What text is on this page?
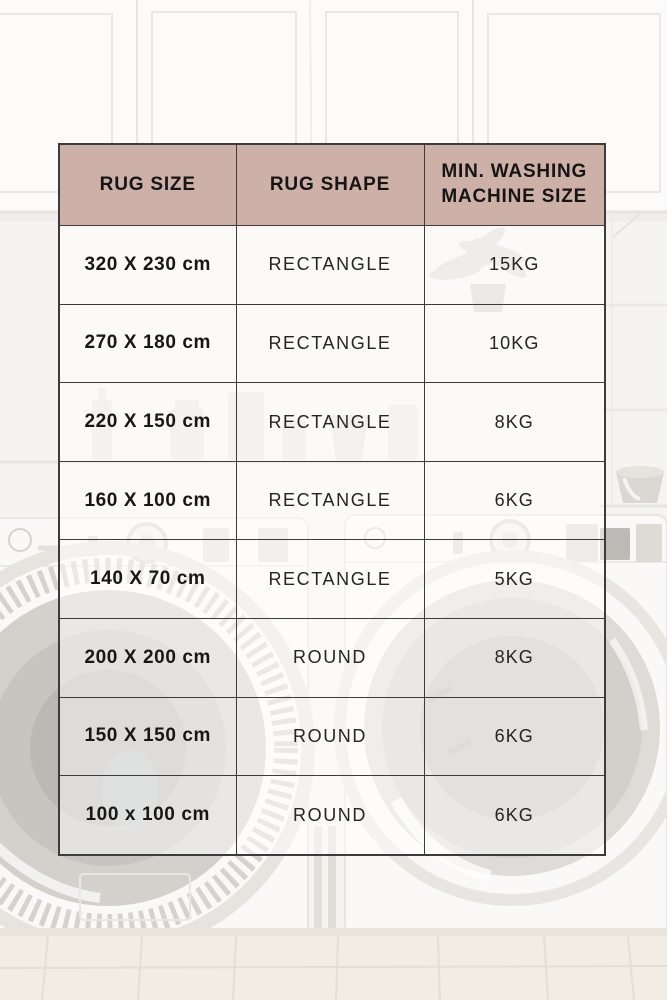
RUG SIZE	RUG SHAPE	MIN. WASHING MACHINE SIZE
320 X 230 cm	RECTANGLE	15KG
270 X 180 cm	RECTANGLE	10KG
220 X 150 cm	RECTANGLE	8KG
160 X 100 cm	RECTANGLE	6KG
140 X 70 cm	RECTANGLE	5KG
200 X 200 cm	ROUND	8KG
150 X 150 cm	ROUND	6KG
100 x 100 cm	ROUND	6KG
